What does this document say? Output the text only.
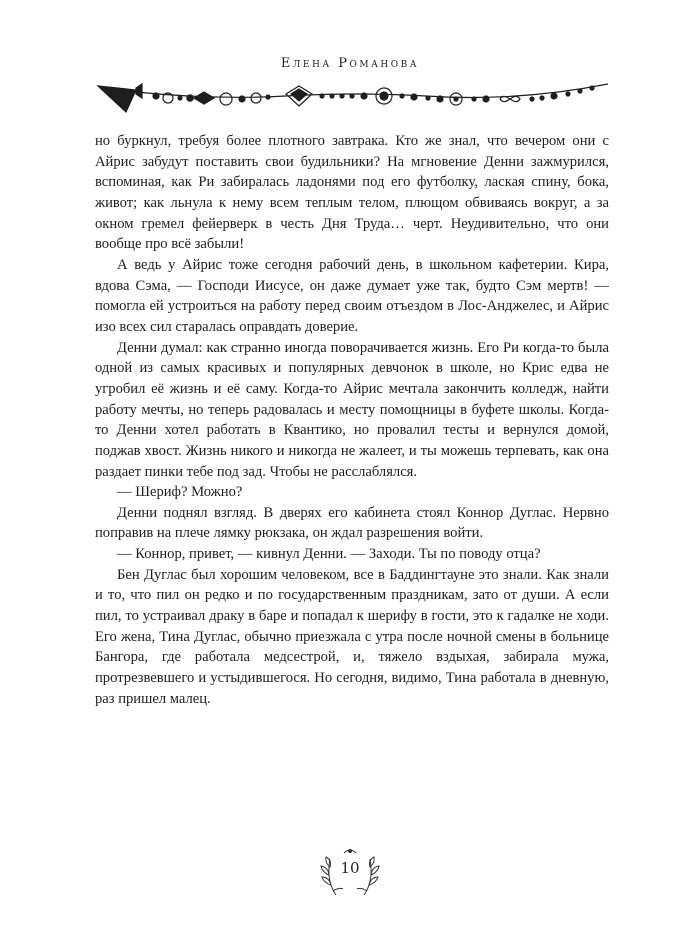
Елена Романова

но буркнул, требуя более плотного завтрака. Кто же знал, что вечером они с Айрис забудут поставить свои будильники? На мгновение Денни зажмурился, вспоминая, как Ри забиралась ладонями под его футболку, лаская спину, бока, живот; как льнула к нему всем теплым телом, плющом обвиваясь вокруг, а за окном гремел фейерверк в честь Дня Труда… черт. Неудивительно, что они вообще про всё забыли!

А ведь у Айрис тоже сегодня рабочий день, в школьном кафетерии. Кира, вдова Сэма, — Господи Иисусе, он даже думает уже так, будто Сэм мертв! — помогла ей устроиться на работу перед своим отъездом в Лос-Анджелес, и Айрис изо всех сил старалась оправдать доверие.

Денни думал: как странно иногда поворачивается жизнь. Его Ри когда-то была одной из самых красивых и популярных девчонок в школе, но Крис едва не угробил её жизнь и её саму. Когда-то Айрис мечтала закончить колледж, найти работу мечты, но теперь радовалась и месту помощницы в буфете школы. Когда-то Денни хотел работать в Квантико, но провалил тесты и вернулся домой, поджав хвост. Жизнь никого и никогда не жалеет, и ты можешь терпевать, как она раздает пинки тебе под зад. Чтобы не расслаблялся.

— Шериф? Можно?

Денни поднял взгляд. В дверях его кабинета стоял Коннор Дуглас. Нервно поправив на плече лямку рюкзака, он ждал разрешения войти.

— Коннор, привет, — кивнул Денни. — Заходи. Ты по поводу отца?

Бен Дуглас был хорошим человеком, все в Баддингтауне это знали. Как знали и то, что пил он редко и по государственным праздникам, зато от души. А если пил, то устраивал драку в баре и попадал к шерифу в гости, это к гадалке не ходи. Его жена, Тина Дуглас, обычно приезжала с утра после ночной смены в больнице Бангора, где работала медсестрой, и, тяжело вздыхая, забирала мужа, протрезвевшего и устыдившегося. Но сегодня, видимо, Тина работала в дневную, раз пришел малец.

10
